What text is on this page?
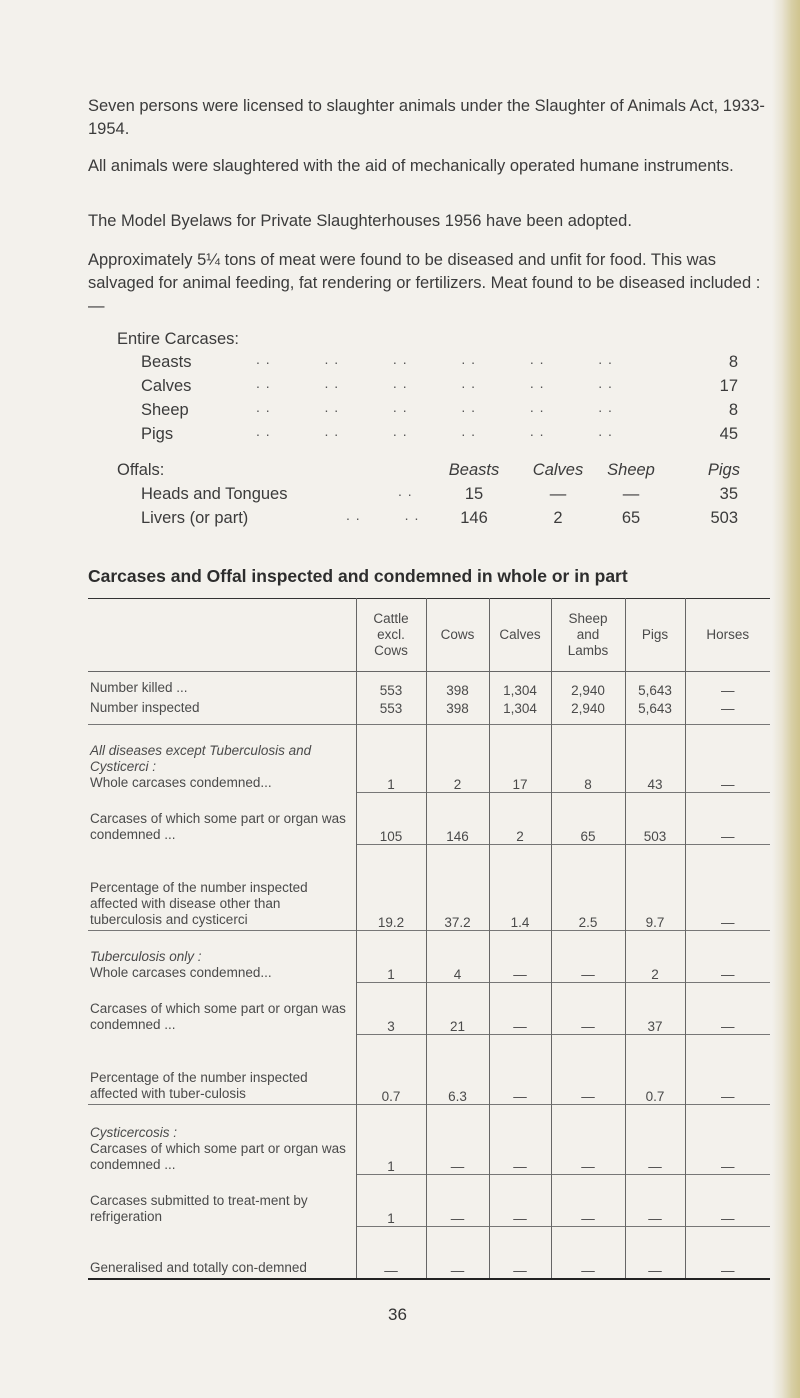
Seven persons were licensed to slaughter animals under the Slaughter of Animals Act, 1933-1954.

All animals were slaughtered with the aid of mechanically operated humane instruments.

The Model Byelaws for Private Slaughterhouses 1956 have been adopted.

Approximately 5¼ tons of meat were found to be diseased and unfit for food. This was salvaged for animal feeding, fat rendering or fertilizers. Meat found to be diseased included : —

Entire Carcases:
Beasts	. .           . .           . .           . .           . .           . .	8
Calves	. .           . .           . .           . .           . .           . .	17
Sheep	. .           . .           . .           . .           . .           . .	8
Pigs	. .           . .           . .           . .           . .           . .	45
Offals:	Beasts	Calves	Sheep	Pigs
Heads and Tongues	. .	15	—	—	35
Livers (or part)	. .         . .	146	2	65	503
Carcases and Offal inspected and condemned in whole or in part
	Cattle excl. Cows	Cows	Calves	Sheep and Lambs	Pigs	Horses
Number killed ...	553	398	1,304	2,940	5,643	—
Number inspected	553	398	1,304	2,940	5,643	—

All diseases except Tuberculosis and Cysticerci :
Whole carcases condemned...	1	2	17	8	43	—
Carcases of which some part or organ was condemned ...	105	146	2	65	503	—
Percentage of the number inspected affected with disease other than tuberculosis and cysticerci	19.2	37.2	1.4	2.5	9.7	—

Tuberculosis only :
Whole carcases condemned...	1	4	—	—	2	—
Carcases of which some part or organ was condemned ...	3	21	—	—	37	—
Percentage of the number inspected affected with tuber-culosis	0.7	6.3	—	—	0.7	—

Cysticercosis :
Carcases of which some part or organ was condemned ...	1	—	—	—	—	—
Carcases submitted to treat-ment by refrigeration	1	—	—	—	—	—
Generalised and totally con-demned	—	—	—	—	—	—
36
